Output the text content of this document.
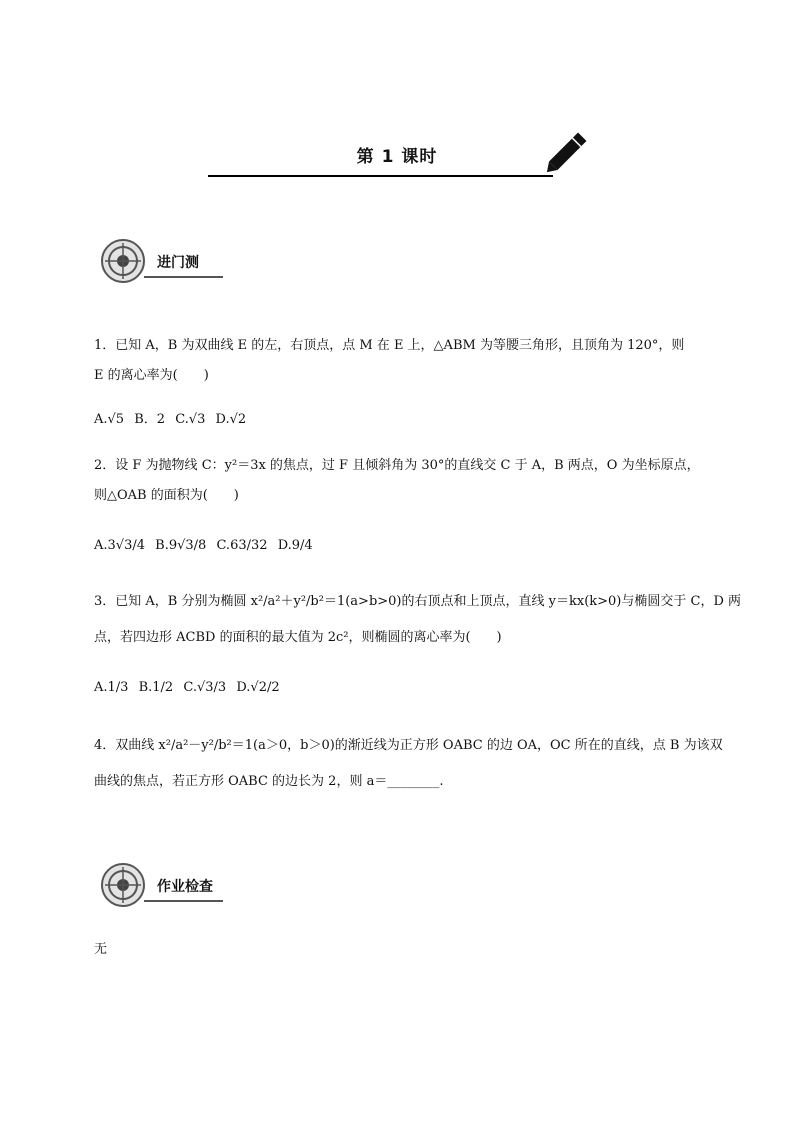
第 1 课时
进门测
1．已知 A，B 为双曲线 E 的左，右顶点，点 M 在 E 上，△ABM 为等腰三角形，且顶角为 120°，则
E 的离心率为(　　)
A.√5 B．2 C.√3 D.√2
2．设 F 为抛物线 C：y²＝3x 的焦点，过 F 且倾斜角为 30°的直线交 C 于 A，B 两点，O 为坐标原点，
则△OAB 的面积为(　　)
A.3√3/4 B.9√3/8 C.63/32 D.9/4
3．已知 A，B 分别为椭圆 x²/a²＋y²/b²＝1(a>b>0)的右顶点和上顶点，直线 y＝kx(k>0)与椭圆交于 C，D 两
点，若四边形 ACBD 的面积的最大值为 2c²，则椭圆的离心率为(　　)
A.1/3 B.1/2 C.√3/3 D.√2/2
4．双曲线 x²/a²－y²/b²＝1(a＞0，b＞0)的渐近线为正方形 OABC 的边 OA，OC 所在的直线，点 B 为该双
曲线的焦点，若正方形 OABC 的边长为 2，则 a＝________.
作业检查
无
